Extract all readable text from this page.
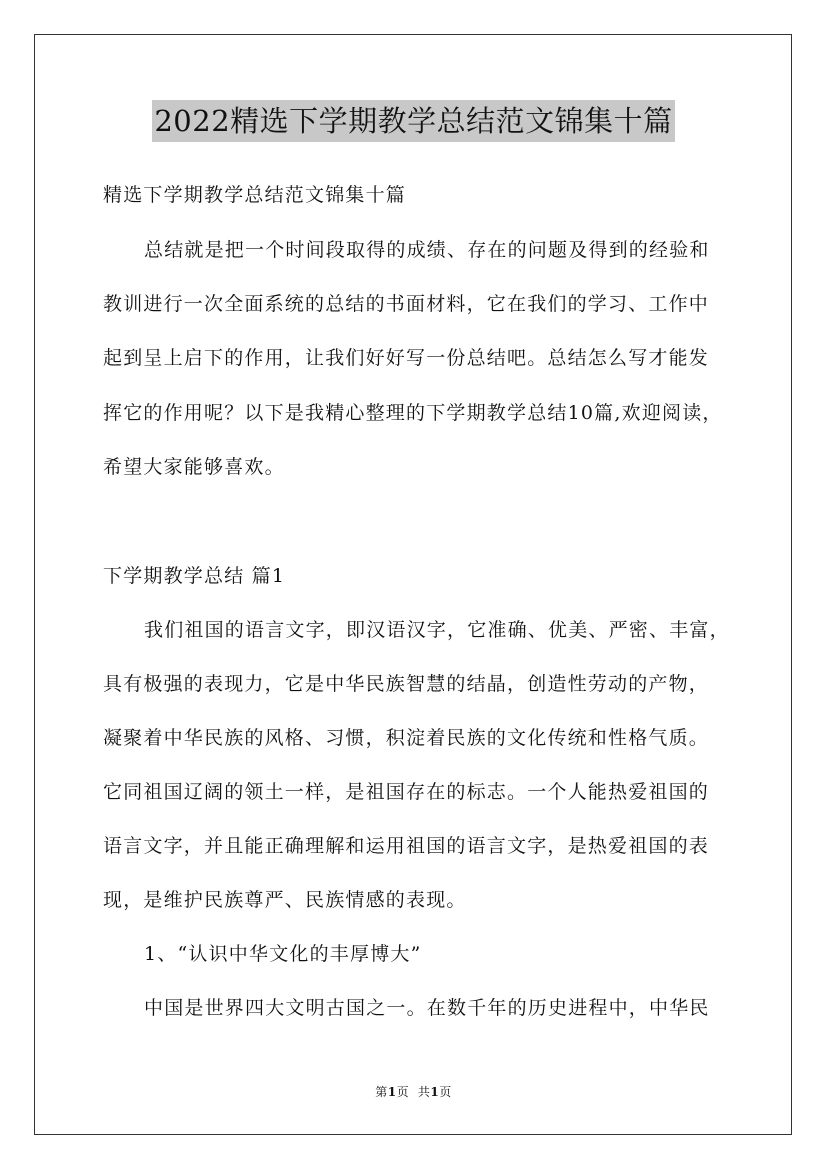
2022精选下学期教学总结范文锦集十篇
精选下学期教学总结范文锦集十篇
总结就是把一个时间段取得的成绩、存在的问题及得到的经验和
教训进行一次全面系统的总结的书面材料，它在我们的学习、工作中
起到呈上启下的作用，让我们好好写一份总结吧。总结怎么写才能发
挥它的作用呢？以下是我精心整理的下学期教学总结10篇,欢迎阅读，
希望大家能够喜欢。
下学期教学总结 篇1
我们祖国的语言文字，即汉语汉字，它准确、优美、严密、丰富，
具有极强的表现力，它是中华民族智慧的结晶，创造性劳动的产物，
凝聚着中华民族的风格、习惯，积淀着民族的文化传统和性格气质。
它同祖国辽阔的领土一样，是祖国存在的标志。一个人能热爱祖国的
语言文字，并且能正确理解和运用祖国的语言文字，是热爱祖国的表
现，是维护民族尊严、民族情感的表现。
1、“认识中华文化的丰厚博大”
中国是世界四大文明古国之一。在数千年的历史进程中，中华民
第1页 共1页
